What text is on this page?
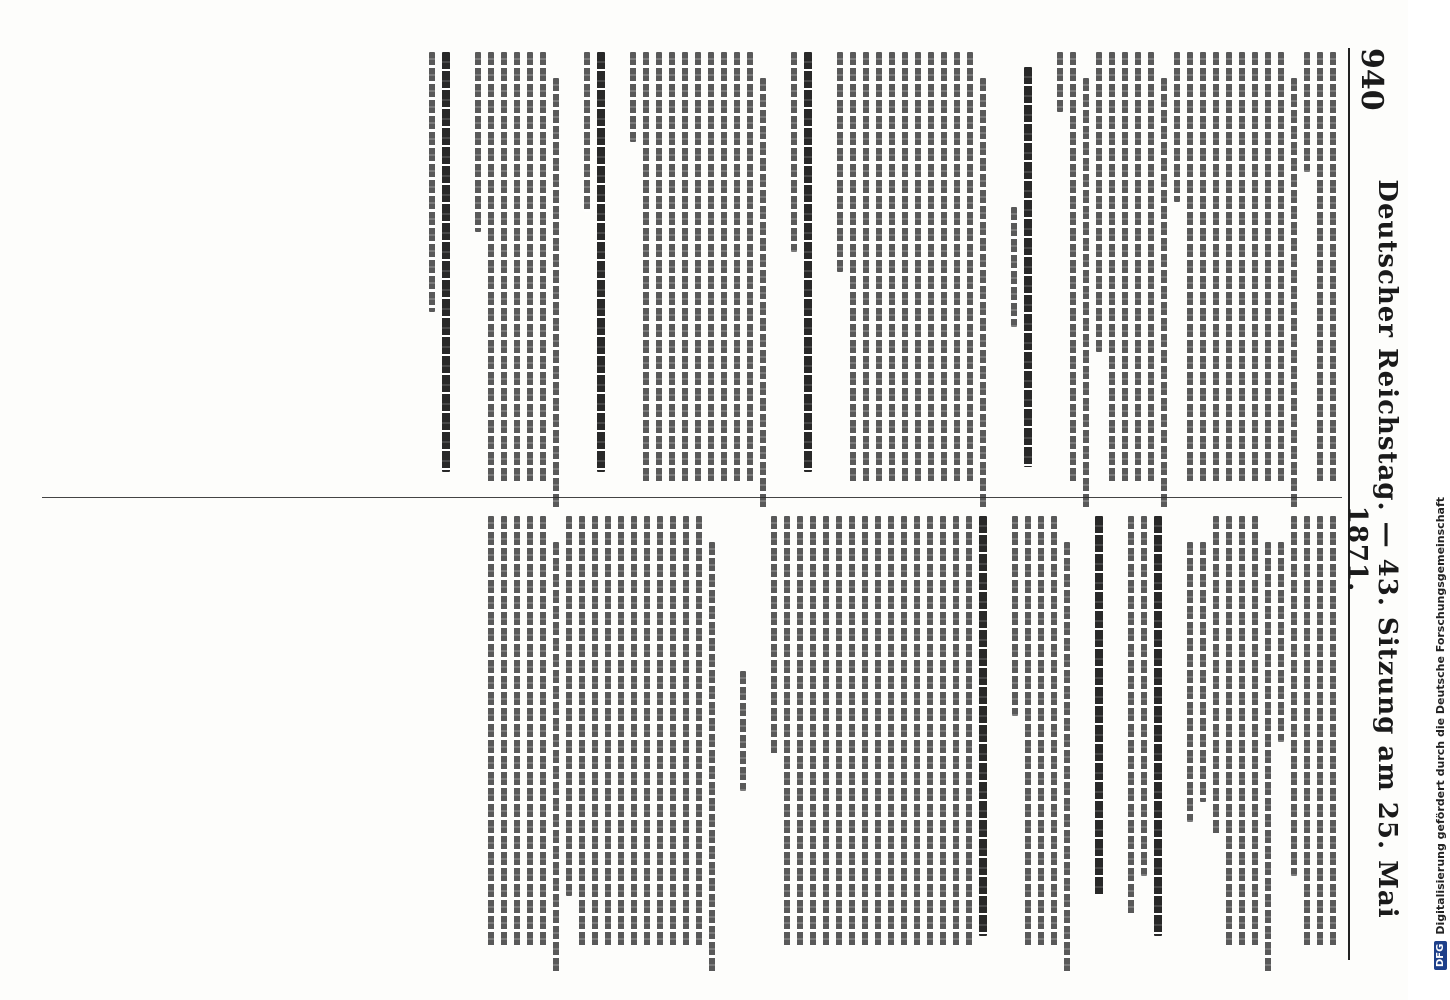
940
Deutscher Reichstag. — 43. Sitzung am 25. Mai 1871.
DFG
Digitalisierung gefördert durch die Deutsche Forschungsgemeinschaft
